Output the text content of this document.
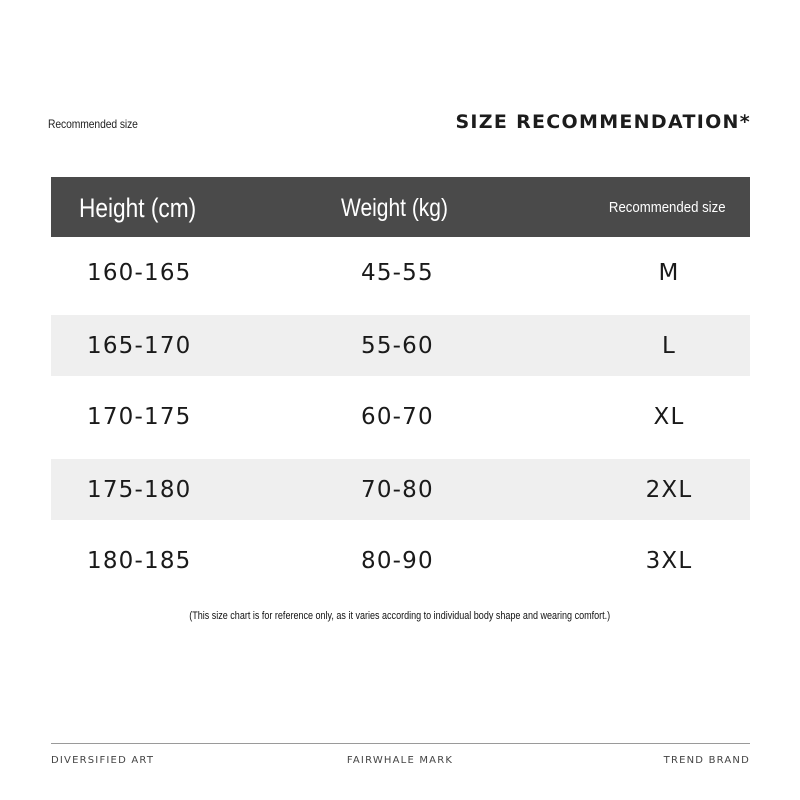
Recommended size	SIZE RECOMMENDATION*
Height (cm)	Weight (kg)	Recommended size
160-165	45-55	M
165-170	55-60	L
170-175	60-70	XL
175-180	70-80	2XL
180-185	80-90	3XL
(This size chart is for reference only, as it varies according to individual body shape and wearing comfort.)
DIVERSIFIED ART	FAIRWHALE MARK	TREND BRAND
